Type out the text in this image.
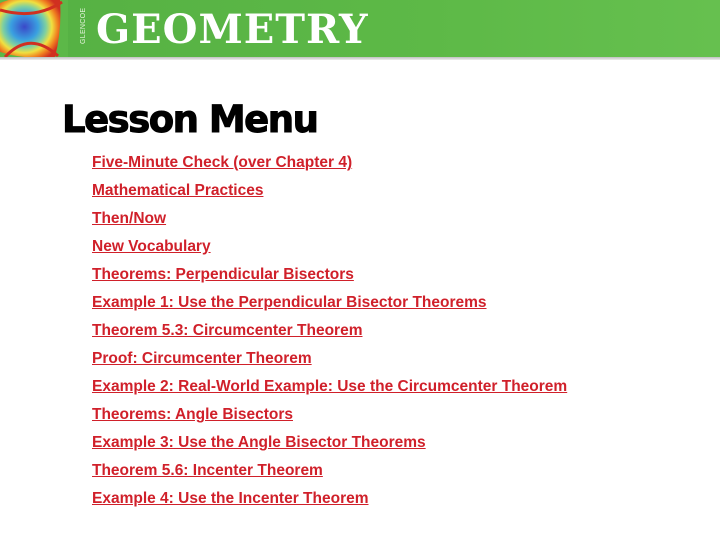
GLENCOE GEOMETRY
Lesson Menu
Five-Minute Check (over Chapter 4)
Mathematical Practices
Then/Now
New Vocabulary
Theorems: Perpendicular Bisectors
Example 1: Use the Perpendicular Bisector Theorems
Theorem 5.3: Circumcenter Theorem
Proof: Circumcenter Theorem
Example 2: Real-World Example: Use the Circumcenter Theorem
Theorems: Angle Bisectors
Example 3: Use the Angle Bisector Theorems
Theorem 5.6: Incenter Theorem
Example 4: Use the Incenter Theorem
